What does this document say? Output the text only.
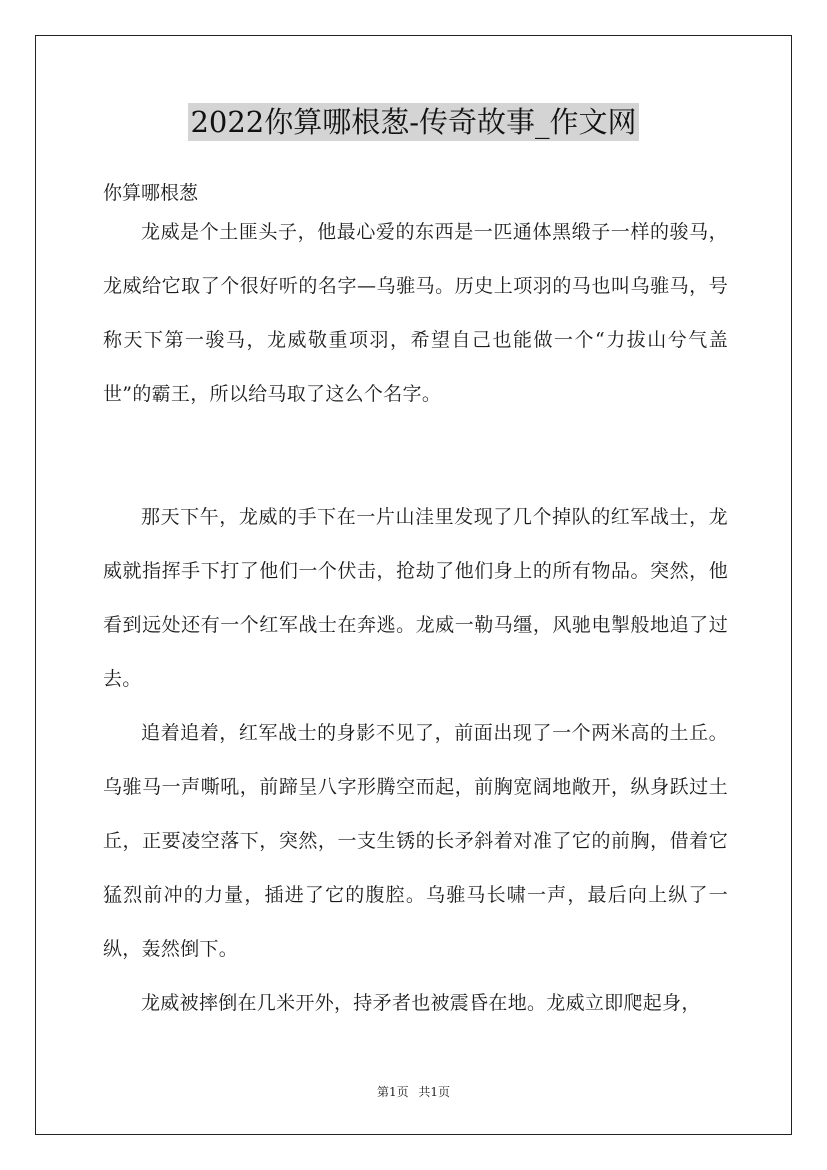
2022你算哪根葱-传奇故事_作文网
你算哪根葱

龙威是个土匪头子，他最心爱的东西是一匹通体黑缎子一样的骏马，龙威给它取了个很好听的名字—乌骓马。历史上项羽的马也叫乌骓马，号称天下第一骏马，龙威敬重项羽，希望自己也能做一个“力拔山兮气盖世”的霸王，所以给马取了这么个名字。

那天下午，龙威的手下在一片山洼里发现了几个掉队的红军战士，龙威就指挥手下打了他们一个伏击，抢劫了他们身上的所有物品。突然，他看到远处还有一个红军战士在奔逃。龙威一勒马缰，风驰电掣般地追了过去。

追着追着，红军战士的身影不见了，前面出现了一个两米高的土丘。乌骓马一声嘶吼，前蹄呈八字形腾空而起，前胸宽阔地敞开，纵身跃过土丘，正要凌空落下，突然，一支生锈的长矛斜着对准了它的前胸，借着它猛烈前冲的力量，插进了它的腹腔。乌骓马长啸一声，最后向上纵了一纵，轰然倒下。

龙威被摔倒在几米开外，持矛者也被震昏在地。龙威立即爬起身，

第1页 共1页
